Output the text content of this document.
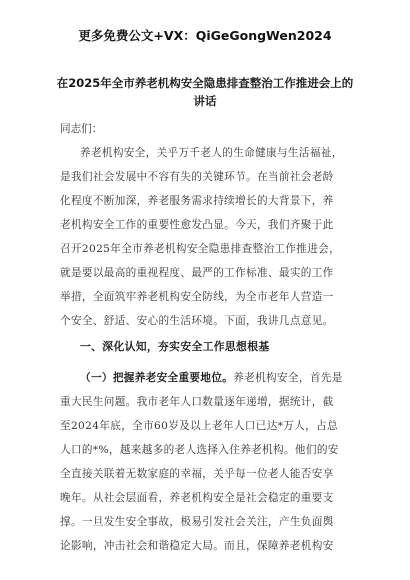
更多免费公文+VX：QiGeGongWen2024
在2025年全市养老机构安全隐患排查整治工作推进会上的
讲话
同志们：
养老机构安全，关乎万千老人的生命健康与生活福祉，
是我们社会发展中不容有失的关键环节。在当前社会老龄
化程度不断加深，养老服务需求持续增长的大背景下，养
老机构安全工作的重要性愈发凸显。今天，我们齐聚于此
召开2025年全市养老机构安全隐患排查整治工作推进会，
就是要以最高的重视程度、最严的工作标准、最实的工作
举措，全面筑牢养老机构安全防线，为全市老年人营造一
个安全、舒适、安心的生活环境。下面，我讲几点意见。
一、深化认知，夯实安全工作思想根基
（一）把握养老安全重要地位。养老机构安全，首先是
重大民生问题。我市老年人口数量逐年递增，据统计，截
至2024年底，全市60岁及以上老年人口已达*万人，占总
人口的*%，越来越多的老人选择入住养老机构。他们的安
全直接关联着无数家庭的幸福，关乎每一位老人能否安享
晚年。从社会层面看，养老机构安全是社会稳定的重要支
撑。一旦发生安全事故，极易引发社会关注，产生负面舆
论影响，冲击社会和谐稳定大局。而且，保障养老机构安
